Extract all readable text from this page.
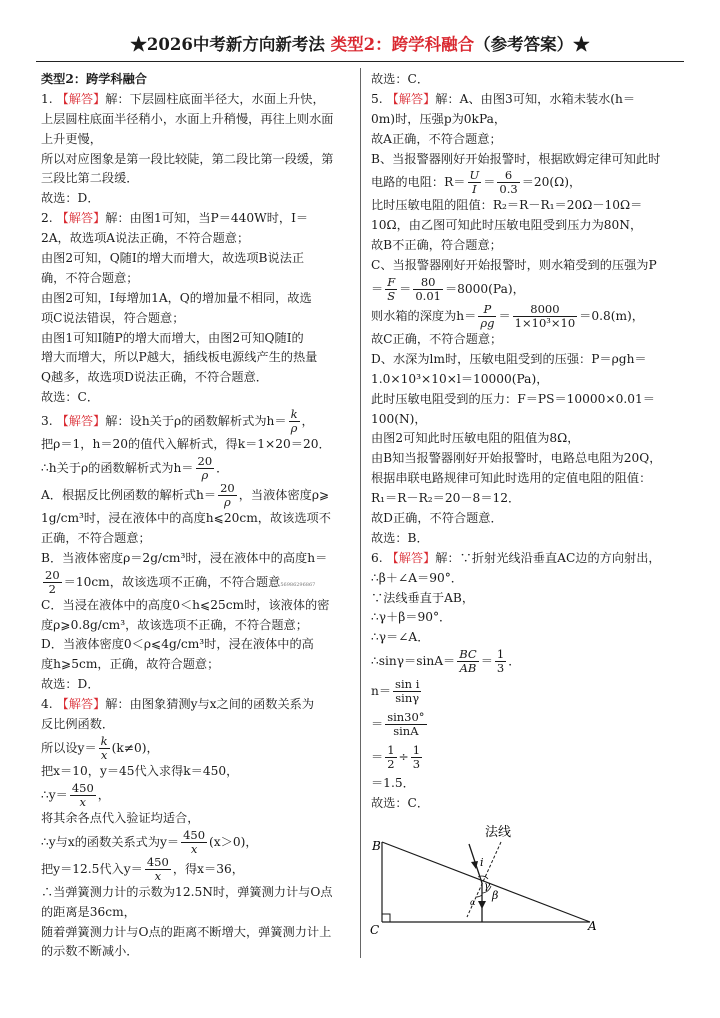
★2026中考新方向新考法 类型2：跨学科融合（参考答案）★
类型2：跨学科融合
1. 【解答】解：下层圆柱底面半径大，水面上升快，
上层圆柱底面半径稍小，水面上升稍慢，再往上则水面
上升更慢，
所以对应图象是第一段比较陡，第二段比第一段缓，第
三段比第二段缓．
故选：D．
2. 【解答】解：由图1可知，当P＝440W时，I＝
2A，故选项A说法正确，不符合题意；
由图2可知，Q随I的增大而增大，故选项B说法正
确，不符合题意；
由图2可知，I每增加1A，Q的增加量不相同，故选
项C说法错误，符合题意；
由图1可知I随P的增大而增大，由图2可知Q随I的
增大而增大，所以P越大，插线板电源线产生的热量
Q越多，故选项D说法正确，不符合题意．
故选：C．
3. 【解答】解：设h关于ρ的函数解析式为$h= \frac{k}{\rho}$ ，
把ρ＝1，h＝20的值代入解析式，得k＝1×20＝20．
∴h关于ρ的函数解析式为$h= \frac{20}{\rho}$ ．
A．根据反比例函数的解析式$h= \frac{20}{\rho}$ ，当液体密度ρ⩾
1g/cm³时，浸在液体中的高度h⩽20cm，故该选项不
正确，不符合题意；
B．当液体密度ρ＝2g/cm³时，浸在液体中的高度h＝
$\frac{20}{2} =10cm$，故该选项不正确，不符合题意56986296867
C．当浸在液体中的高度0＜h⩽25cm时，该液体的密
度ρ⩾0.8g/cm³，故该选项不正确，不符合题意；
D．当液体密度0＜ρ⩽4g/cm³时，浸在液体中的高
度h⩾5cm，正确，故符合题意；
故选：D．
4. 【解答】解：由图象猜测y与x之间的函数关系为
反比例函数．
所以设$y= \frac{k}{x} (k\ne 0)$，
把x＝10，y＝45代入求得k＝450，
∴y＝ $\frac{450}{x}$ ，
将其余各点代入验证均适合，
∴y与x的函数关系式为$y= \frac{450}{x} (x>0)$，
把y＝12.5代入$y= \frac{450}{x}$ ，得x＝36，
∴当弹簧测力计的示数为12.5N时，弹簧测力计与O点
的距离是36cm，
随着弹簧测力计与O点的距离不断增大，弹簧测力计上
的示数不断减小．
故选：C．
5. 【解答】解：A、由图3可知，水箱未装水(h＝
0m)时，压强p为0kPa，
故A正确，不符合题意；
B、当报警器刚好开始报警时，根据欧姆定律可知此时
电路的电阻：$R= \frac{U}{I} = \frac{6}{0.3} =20(\Omega)$，
比时压敏电阻的阻值：R₂＝R－R₁＝20Ω－10Ω＝
10Ω，由乙图可知此时压敏电阻受到压力为80N，
故B不正确，符合题意；
C、当报警器刚好开始报警时，则水箱受到的压强为P
＝ $\frac{F}{S} = \frac{80}{0.01} =8000(Pa)$，
则水箱的深度为$h= \frac{P}{\rho g} = \frac{8000}{\text{1×10³×10}} =0.8(m)$，
故C正确，不符合题意；
D、水深为lm时，压敏电阻受到的压强：P＝ρgh＝
1.0×10³×10×l＝10000(Pa)，
此时压敏电阻受到的压力：F＝PS＝10000×0.01＝
100(N)，
由图2可知此时压敏电阻的阻值为8Ω，
由B知当报警器刚好开始报警时，电路总电阻为20Q，
根据串联电路规律可知此时选用的定值电阻的阻值：
R₁＝R－R₂＝20－8＝12．
故D正确，不符合题意．
故选：B．
6. 【解答】解：∵折射光线沿垂直AC边的方向射出，
∴β＋∠A＝90°．
∵法线垂直于AB，
∴γ＋β＝90°．
∴γ＝∠A．
∴sinγ＝sinA＝ $\frac{BC}{AB} = \frac{1}{3}$ ．
$n= \frac{\text{sin i}}{\sin\gamma}$
＝ $\frac{\sin 30^\circ}{\sin A}$
＝ $\frac{1}{2} \div \frac{1}{3}$
＝1.5．
故选：C．
法线
B
C	A
i
γ
β
α
